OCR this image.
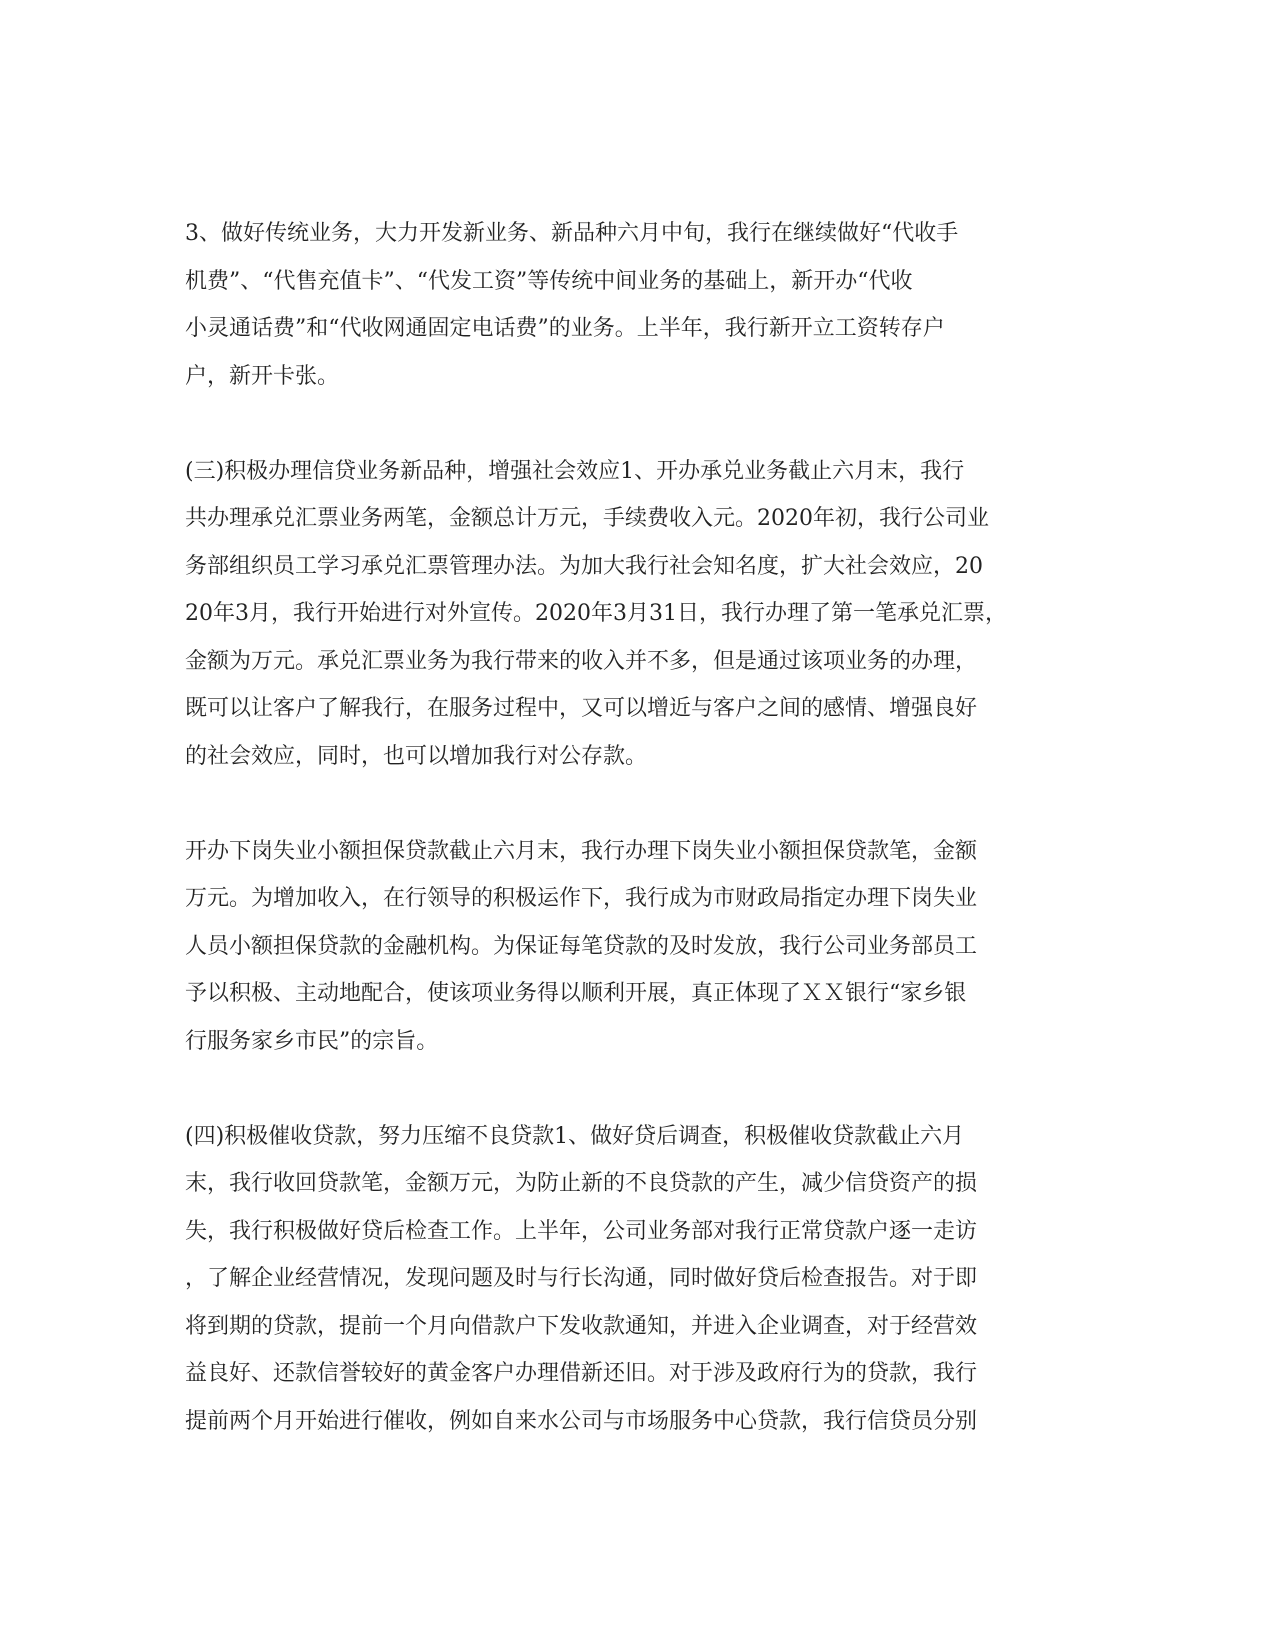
3、做好传统业务，大力开发新业务、新品种六月中旬，我行在继续做好“代收手
机费”、“代售充值卡”、“代发工资”等传统中间业务的基础上，新开办“代收
小灵通话费”和“代收网通固定电话费”的业务。上半年，我行新开立工资转存户
户，新开卡张。
(三)积极办理信贷业务新品种，增强社会效应1、开办承兑业务截止六月末，我行
共办理承兑汇票业务两笔，金额总计万元，手续费收入元。2020年初，我行公司业
务部组织员工学习承兑汇票管理办法。为加大我行社会知名度，扩大社会效应，20
20年3月，我行开始进行对外宣传。2020年3月31日，我行办理了第一笔承兑汇票，
金额为万元。承兑汇票业务为我行带来的收入并不多，但是通过该项业务的办理，
既可以让客户了解我行，在服务过程中，又可以增近与客户之间的感情、增强良好
的社会效应，同时，也可以增加我行对公存款。
开办下岗失业小额担保贷款截止六月末，我行办理下岗失业小额担保贷款笔，金额
万元。为增加收入，在行领导的积极运作下，我行成为市财政局指定办理下岗失业
人员小额担保贷款的金融机构。为保证每笔贷款的及时发放，我行公司业务部员工
予以积极、主动地配合，使该项业务得以顺利开展，真正体现了ＸＸ银行“家乡银
行服务家乡市民”的宗旨。
(四)积极催收贷款，努力压缩不良贷款1、做好贷后调查，积极催收贷款截止六月
末，我行收回贷款笔，金额万元，为防止新的不良贷款的产生，减少信贷资产的损
失，我行积极做好贷后检查工作。上半年，公司业务部对我行正常贷款户逐一走访
，了解企业经营情况，发现问题及时与行长沟通，同时做好贷后检查报告。对于即
将到期的贷款，提前一个月向借款户下发收款通知，并进入企业调查，对于经营效
益良好、还款信誉较好的黄金客户办理借新还旧。对于涉及政府行为的贷款，我行
提前两个月开始进行催收，例如自来水公司与市场服务中心贷款，我行信贷员分别
